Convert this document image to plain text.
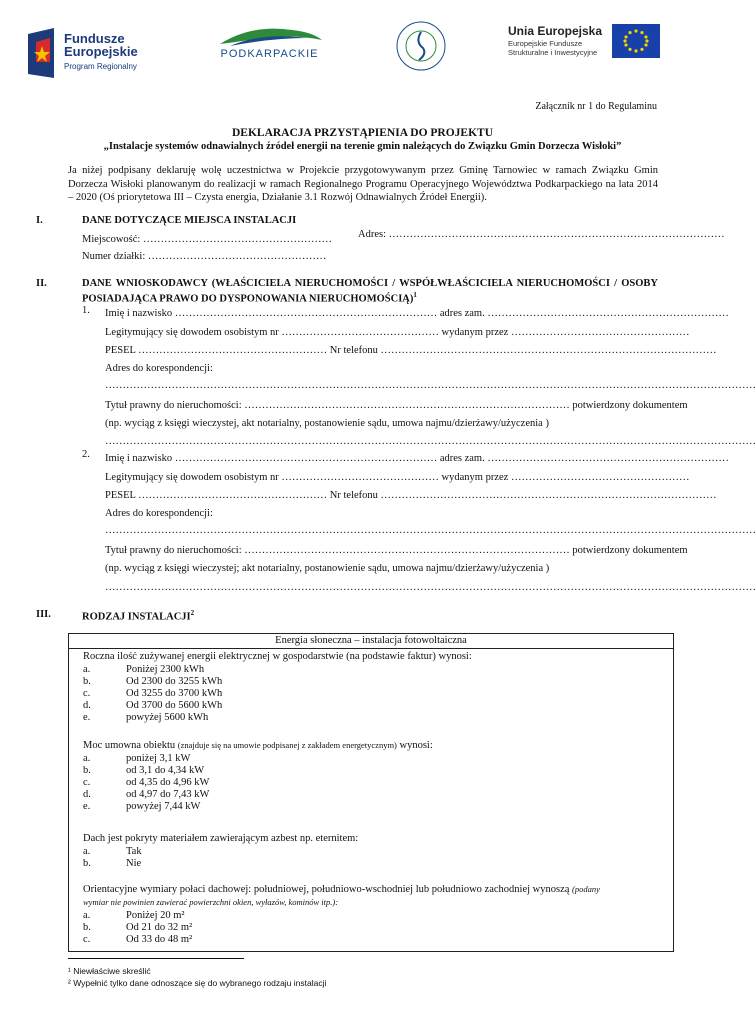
Fundusze
Europejskie
Program Regionalny
PODKARPACKIE
Unia Europejska
Europejskie Fundusze
Strukturalne i Inwestycyjne
Załącznik nr 1 do Regulaminu
DEKLARACJA PRZYSTĄPIENIA DO PROJEKTU
„Instalacje systemów odnawialnych źródeł energii na terenie gmin należących do Związku Gmin Dorzecza Wisłoki”
Ja niżej podpisany deklaruję wolę uczestnictwa w Projekcie przygotowywanym przez Gminę Tarnowiec w ramach Związku Gmin Dorzecza Wisłoki planowanym do realizacji w ramach Regionalnego Programu Operacyjnego Województwa Podkarpackiego na lata 2014 – 2020 (Oś priorytetowa III – Czysta energia, Działanie 3.1 Rozwój Odnawialnych Źródeł Energii).
I.	DANE DOTYCZĄCE MIEJSCA INSTALACJI
Miejscowość: ……………………………………………… Adres: ……………………………………………………………………………………
Numer działki: ……………………………………………
II.	DANE WNIOSKODAWCY (WŁAŚCICIELA NIERUCHOMOŚCI / WSPÓŁWŁAŚCICIELA NIERUCHOMOŚCI / OSOBY
POSIADAJĄCA PRAWO DO DYSPONOWANIA NIERUCHOMOŚCIĄ)$^1$
1. Imię i nazwisko ………………………………………………………………… adres zam. ……………………………………………………………
Legitymujący się dowodem osobistym nr ……………………………………… wydanym przez ……………………………………………
PESEL ……………………………………………… Nr telefonu ……………………………………………………………………………………
Adres do korespondencji:
……………………………………………………………………………………………………………………………………………………………………
Tytuł prawny do nieruchomości: ………………………………………………………………………………… potwierdzony dokumentem
(np. wyciąg z księgi wieczystej, akt notarialny, postanowienie sądu, umowa najmu/dzierżawy/użyczenia )
……………………………………………………………………………………………………………………………………………………………………
2. Imię i nazwisko ………………………………………………………………… adres zam. ……………………………………………………………
Legitymujący się dowodem osobistym nr ……………………………………… wydanym przez ……………………………………………
PESEL ……………………………………………… Nr telefonu ……………………………………………………………………………………
Adres do korespondencji:
……………………………………………………………………………………………………………………………………………………………………
Tytuł prawny do nieruchomości: ………………………………………………………………………………… potwierdzony dokumentem
(np. wyciąg z księgi wieczystej; akt notarialny, postanowienie sądu, umowa najmu/dzierżawy/użyczenia )
……………………………………………………………………………………………………………………………………………………………………
III.	RODZAJ INSTALACJI$^2$
Energia słoneczna – instalacja fotowoltaiczna
Roczna ilość zużywanej energii elektrycznej w gospodarstwie (na podstawie faktur) wynosi:
a.	Poniżej 2300 kWh
b.	Od 2300 do 3255 kWh
c.	Od 3255 do 3700 kWh
d.	Od 3700 do 5600 kWh
e.	powyżej 5600 kWh
Moc umowna obiektu (znajduje się na umowie podpisanej z zakładem energetycznym) wynosi:
a.	poniżej 3,1 kW
b.	od 3,1 do 4,34 kW
c.	od 4,35 do 4,96 kW
d.	od 4,97 do 7,43 kW
e.	powyżej 7,44 kW
Dach jest pokryty materiałem zawierającym azbest np. eternitem:
a.	Tak
b.	Nie
Orientacyjne wymiary połaci dachowej: południowej, południowo-wschodniej lub południowo zachodniej wynoszą (podany
wymiar nie powinien zawierać powierzchni okien, wyłazów, kominów itp.):
a.	Poniżej 20 m²
b.	Od 21 do 32 m²
c.	Od 33 do 48 m²
¹ Niewłaściwe skreślić
² Wypełnić tylko dane odnoszące się do wybranego rodzaju instalacji
